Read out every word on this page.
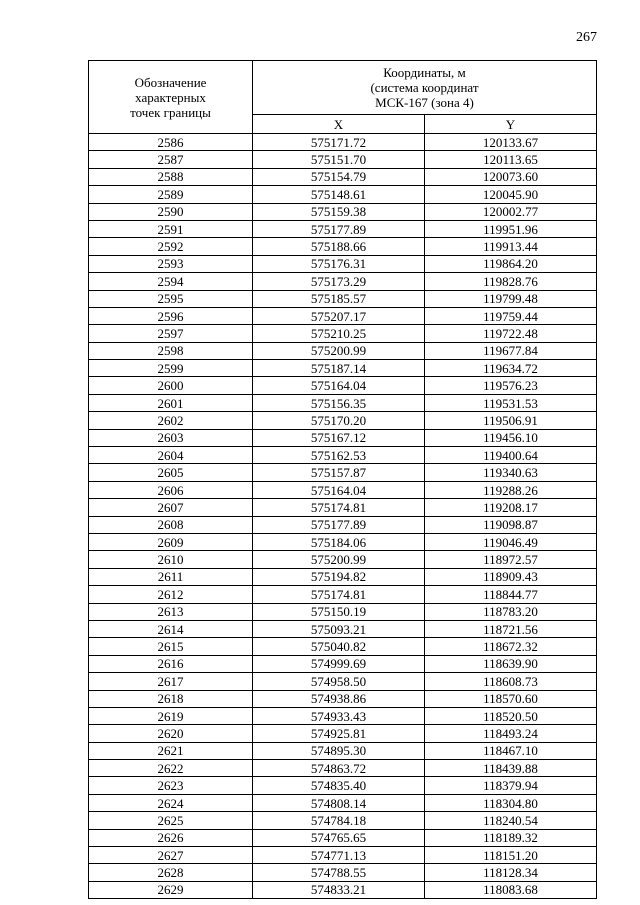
267
Обозначение
характерных
точек границы	Координаты, м
(система координат
МСК-167 (зона 4)	

	X	Y
2586	575171.72	120133.67
2587	575151.70	120113.65
2588	575154.79	120073.60
2589	575148.61	120045.90
2590	575159.38	120002.77
2591	575177.89	119951.96
2592	575188.66	119913.44
2593	575176.31	119864.20
2594	575173.29	119828.76
2595	575185.57	119799.48
2596	575207.17	119759.44
2597	575210.25	119722.48
2598	575200.99	119677.84
2599	575187.14	119634.72
2600	575164.04	119576.23
2601	575156.35	119531.53
2602	575170.20	119506.91
2603	575167.12	119456.10
2604	575162.53	119400.64
2605	575157.87	119340.63
2606	575164.04	119288.26
2607	575174.81	119208.17
2608	575177.89	119098.87
2609	575184.06	119046.49
2610	575200.99	118972.57
2611	575194.82	118909.43
2612	575174.81	118844.77
2613	575150.19	118783.20
2614	575093.21	118721.56
2615	575040.82	118672.32
2616	574999.69	118639.90
2617	574958.50	118608.73
2618	574938.86	118570.60
2619	574933.43	118520.50
2620	574925.81	118493.24
2621	574895.30	118467.10
2622	574863.72	118439.88
2623	574835.40	118379.94
2624	574808.14	118304.80
2625	574784.18	118240.54
2626	574765.65	118189.32
2627	574771.13	118151.20
2628	574788.55	118128.34
2629	574833.21	118083.68
